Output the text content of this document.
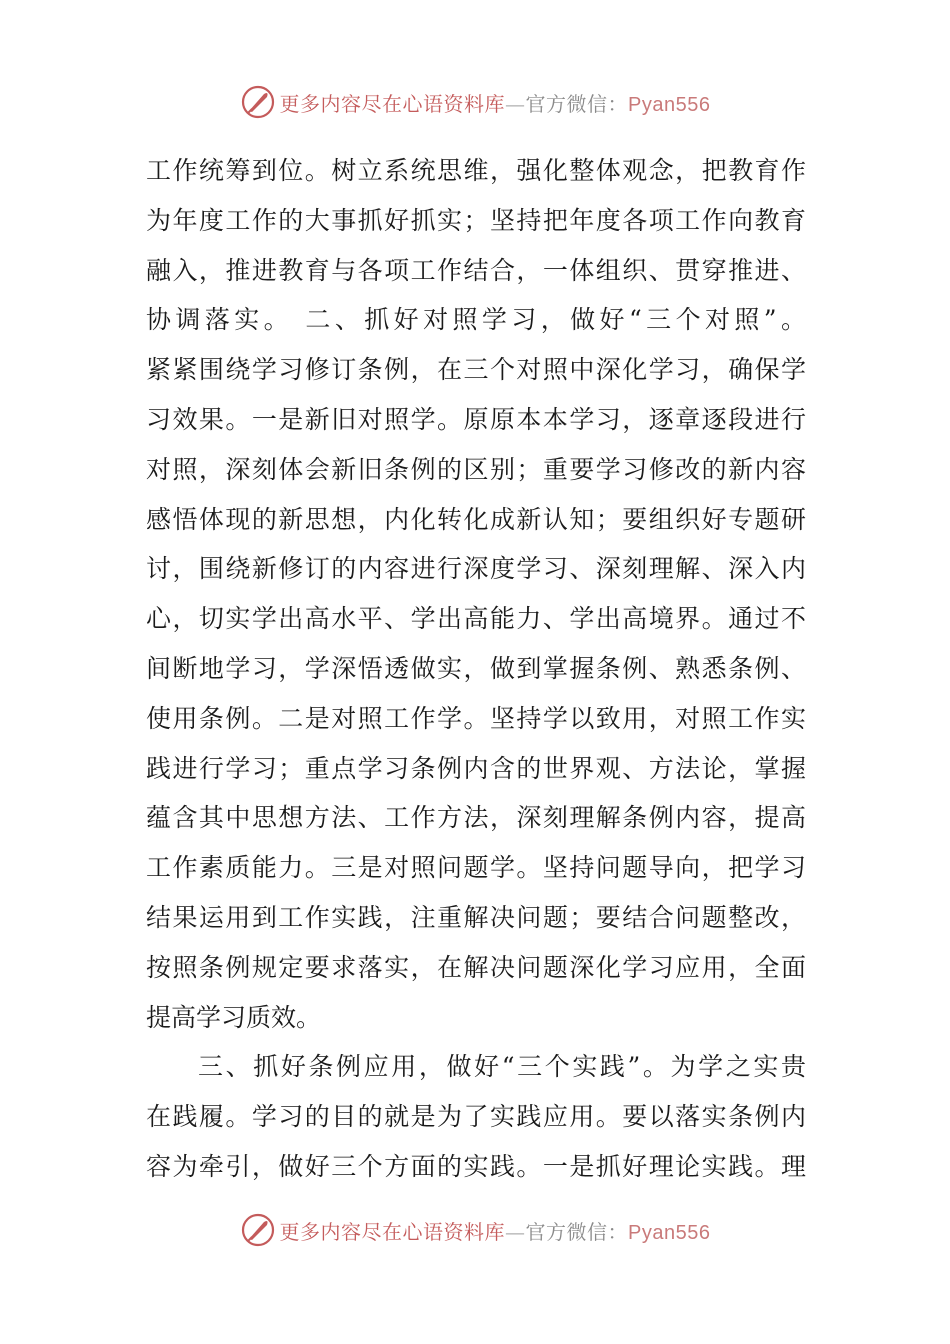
更多内容尽在心语资料库—官方微信：Pyan556
工作统筹到位。树立系统思维，强化整体观念，把教育作
为年度工作的大事抓好抓实；坚持把年度各项工作向教育
融入，推进教育与各项工作结合，一体组织、贯穿推进、
协调落实。 二、抓好对照学习，做好“三个对照”。
紧紧围绕学习修订条例，在三个对照中深化学习，确保学
习效果。一是新旧对照学。原原本本学习，逐章逐段进行
对照，深刻体会新旧条例的区别；重要学习修改的新内容
感悟体现的新思想，内化转化成新认知；要组织好专题研
讨，围绕新修订的内容进行深度学习、深刻理解、深入内
心，切实学出高水平、学出高能力、学出高境界。通过不
间断地学习，学深悟透做实，做到掌握条例、熟悉条例、
使用条例。二是对照工作学。坚持学以致用，对照工作实
践进行学习；重点学习条例内含的世界观、方法论，掌握
蕴含其中思想方法、工作方法，深刻理解条例内容，提高
工作素质能力。三是对照问题学。坚持问题导向，把学习
结果运用到工作实践，注重解决问题；要结合问题整改，
按照条例规定要求落实，在解决问题深化学习应用，全面
提高学习质效。
三、抓好条例应用，做好“三个实践”。为学之实贵
在践履。学习的目的就是为了实践应用。要以落实条例内
容为牵引，做好三个方面的实践。一是抓好理论实践。理
更多内容尽在心语资料库—官方微信：Pyan556
